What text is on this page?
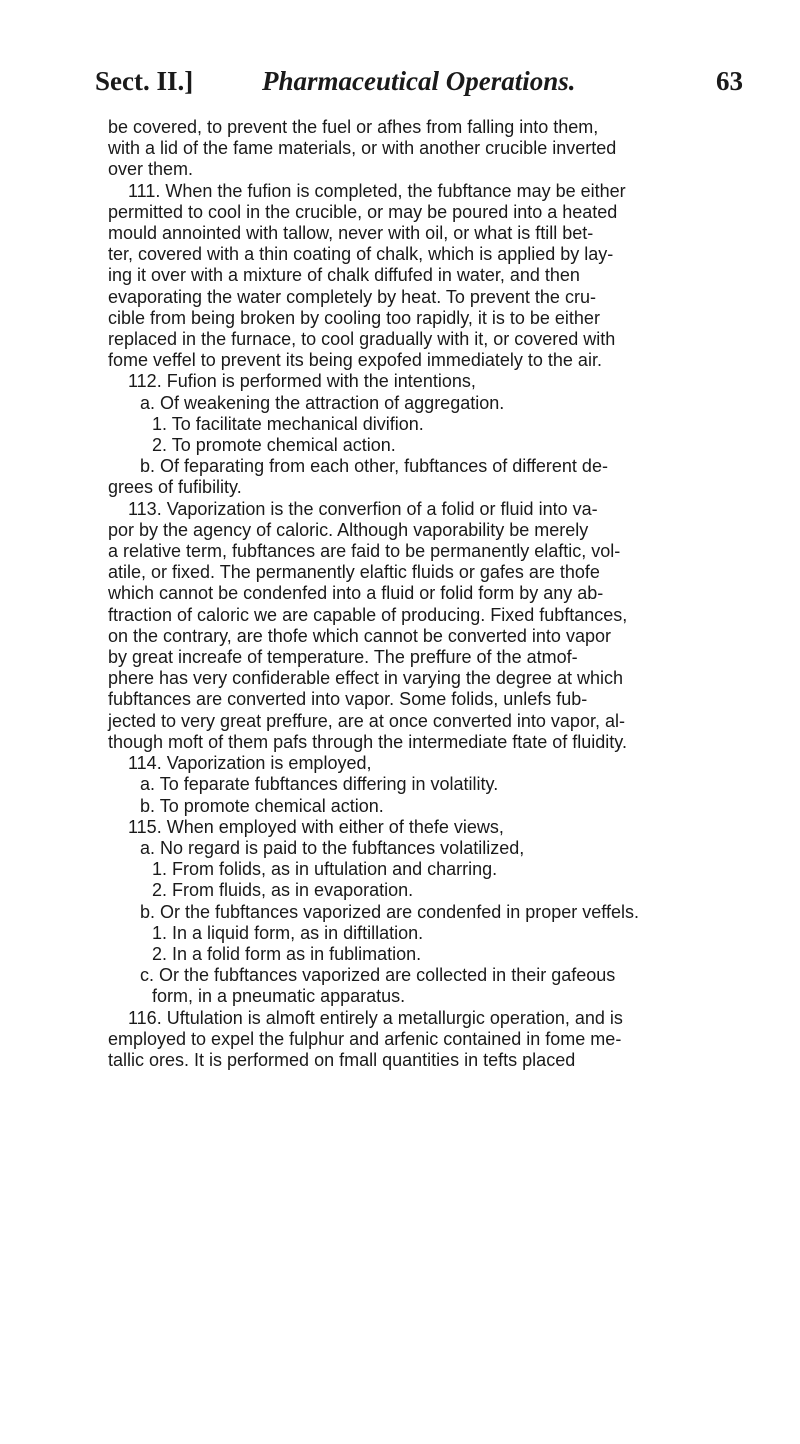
Sect. II.]	Pharmaceutical Operations.	63
be covered, to prevent the fuel or afhes from falling into them,
with a lid of the fame materials, or with another crucible inverted
over them.
111. When the fufion is completed, the fubftance may be either
permitted to cool in the crucible, or may be poured into a heated
mould annointed with tallow, never with oil, or what is ftill bet-
ter, covered with a thin coating of chalk, which is applied by lay-
ing it over with a mixture of chalk diffufed in water, and then
evaporating the water completely by heat. To prevent the cru-
cible from being broken by cooling too rapidly, it is to be either
replaced in the furnace, to cool gradually with it, or covered with
fome veffel to prevent its being expofed immediately to the air.
112. Fufion is performed with the intentions,
a. Of weakening the attraction of aggregation.
1. To facilitate mechanical divifion.
2. To promote chemical action.
b. Of feparating from each other, fubftances of different de-
grees of fufibility.
113. Vaporization is the converfion of a folid or fluid into va-
por by the agency of caloric. Although vaporability be merely
a relative term, fubftances are faid to be permanently elaftic, vol-
atile, or fixed. The permanently elaftic fluids or gafes are thofe
which cannot be condenfed into a fluid or folid form by any ab-
ftraction of caloric we are capable of producing. Fixed fubftances,
on the contrary, are thofe which cannot be converted into vapor
by great increafe of temperature. The preffure of the atmof-
phere has very confiderable effect in varying the degree at which
fubftances are converted into vapor. Some folids, unlefs fub-
jected to very great preffure, are at once converted into vapor, al-
though moft of them pafs through the intermediate ftate of fluidity.
114. Vaporization is employed,
a. To feparate fubftances differing in volatility.
b. To promote chemical action.
115. When employed with either of thefe views,
a. No regard is paid to the fubftances volatilized,
1. From folids, as in uftulation and charring.
2. From fluids, as in evaporation.
b. Or the fubftances vaporized are condenfed in proper veffels.
1. In a liquid form, as in diftillation.
2. In a folid form as in fublimation.
c. Or the fubftances vaporized are collected in their gafeous
form, in a pneumatic apparatus.
116. Uftulation is almoft entirely a metallurgic operation, and is
employed to expel the fulphur and arfenic contained in fome me-
tallic ores. It is performed on fmall quantities in tefts placed
